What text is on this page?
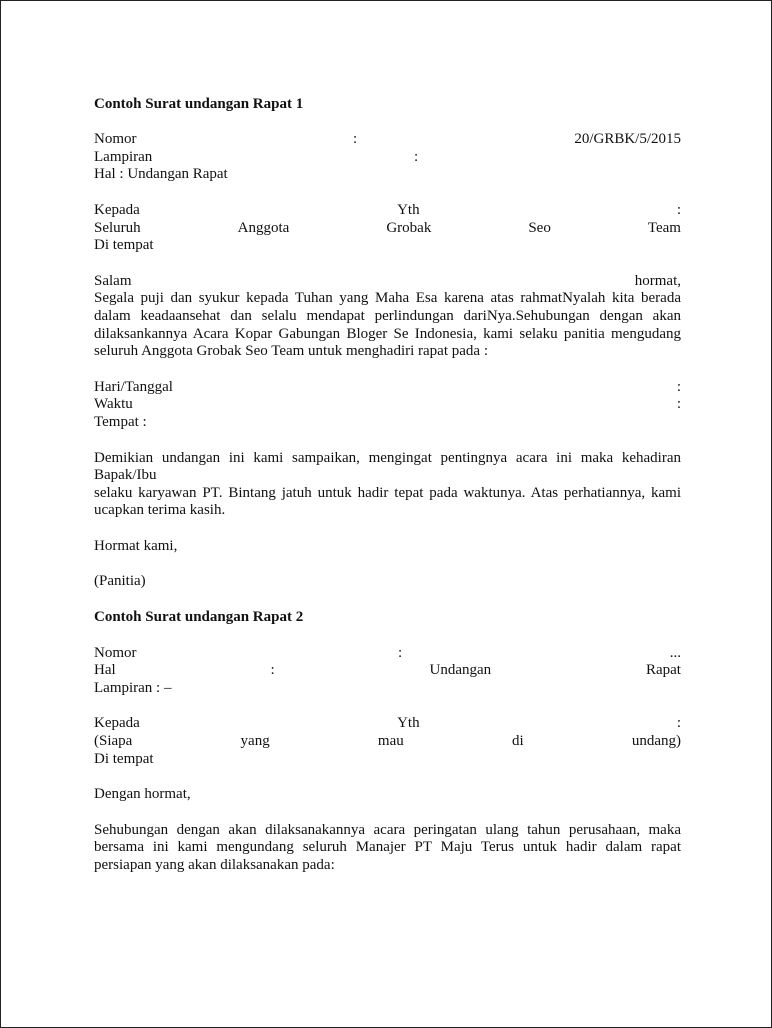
Contoh Surat undangan Rapat 1

Nomor	:	20/GRBK/5/2015
Lampiran	:

Hal : Undangan Rapat

Kepada	Yth	:
Seluruh	Anggota	Grobak	Seo	Team

Di tempat

Salam	hormat,

Segala puji dan syukur kepada Tuhan yang Maha Esa karena atas rahmatNyalah kita berada

dalam keadaansehat dan selalu mendapat perlindungan dariNya.Sehubungan dengan akan

dilaksankannya Acara Kopar Gabungan Bloger Se Indonesia, kami selaku panitia mengudang

seluruh Anggota Grobak Seo Team untuk menghadiri rapat pada :

Hari/Tanggal	:
Waktu	:

Tempat :

Demikian undangan ini kami sampaikan, mengingat pentingnya acara ini maka kehadiran

Bapak/Ibu

selaku karyawan PT. Bintang jatuh untuk hadir tepat pada waktunya. Atas perhatiannya, kami

ucapkan terima kasih.

Hormat kami,

(Panitia)

Contoh Surat undangan Rapat 2

Nomor	:	...
Hal	:	Undangan	Rapat

Lampiran : –

Kepada	Yth	:
(Siapa	yang	mau	di	undang)

Di tempat

Dengan hormat,

Sehubungan dengan akan dilaksanakannya acara peringatan ulang tahun perusahaan, maka

bersama ini kami mengundang seluruh Manajer PT Maju Terus untuk hadir dalam rapat

persiapan yang akan dilaksanakan pada:
